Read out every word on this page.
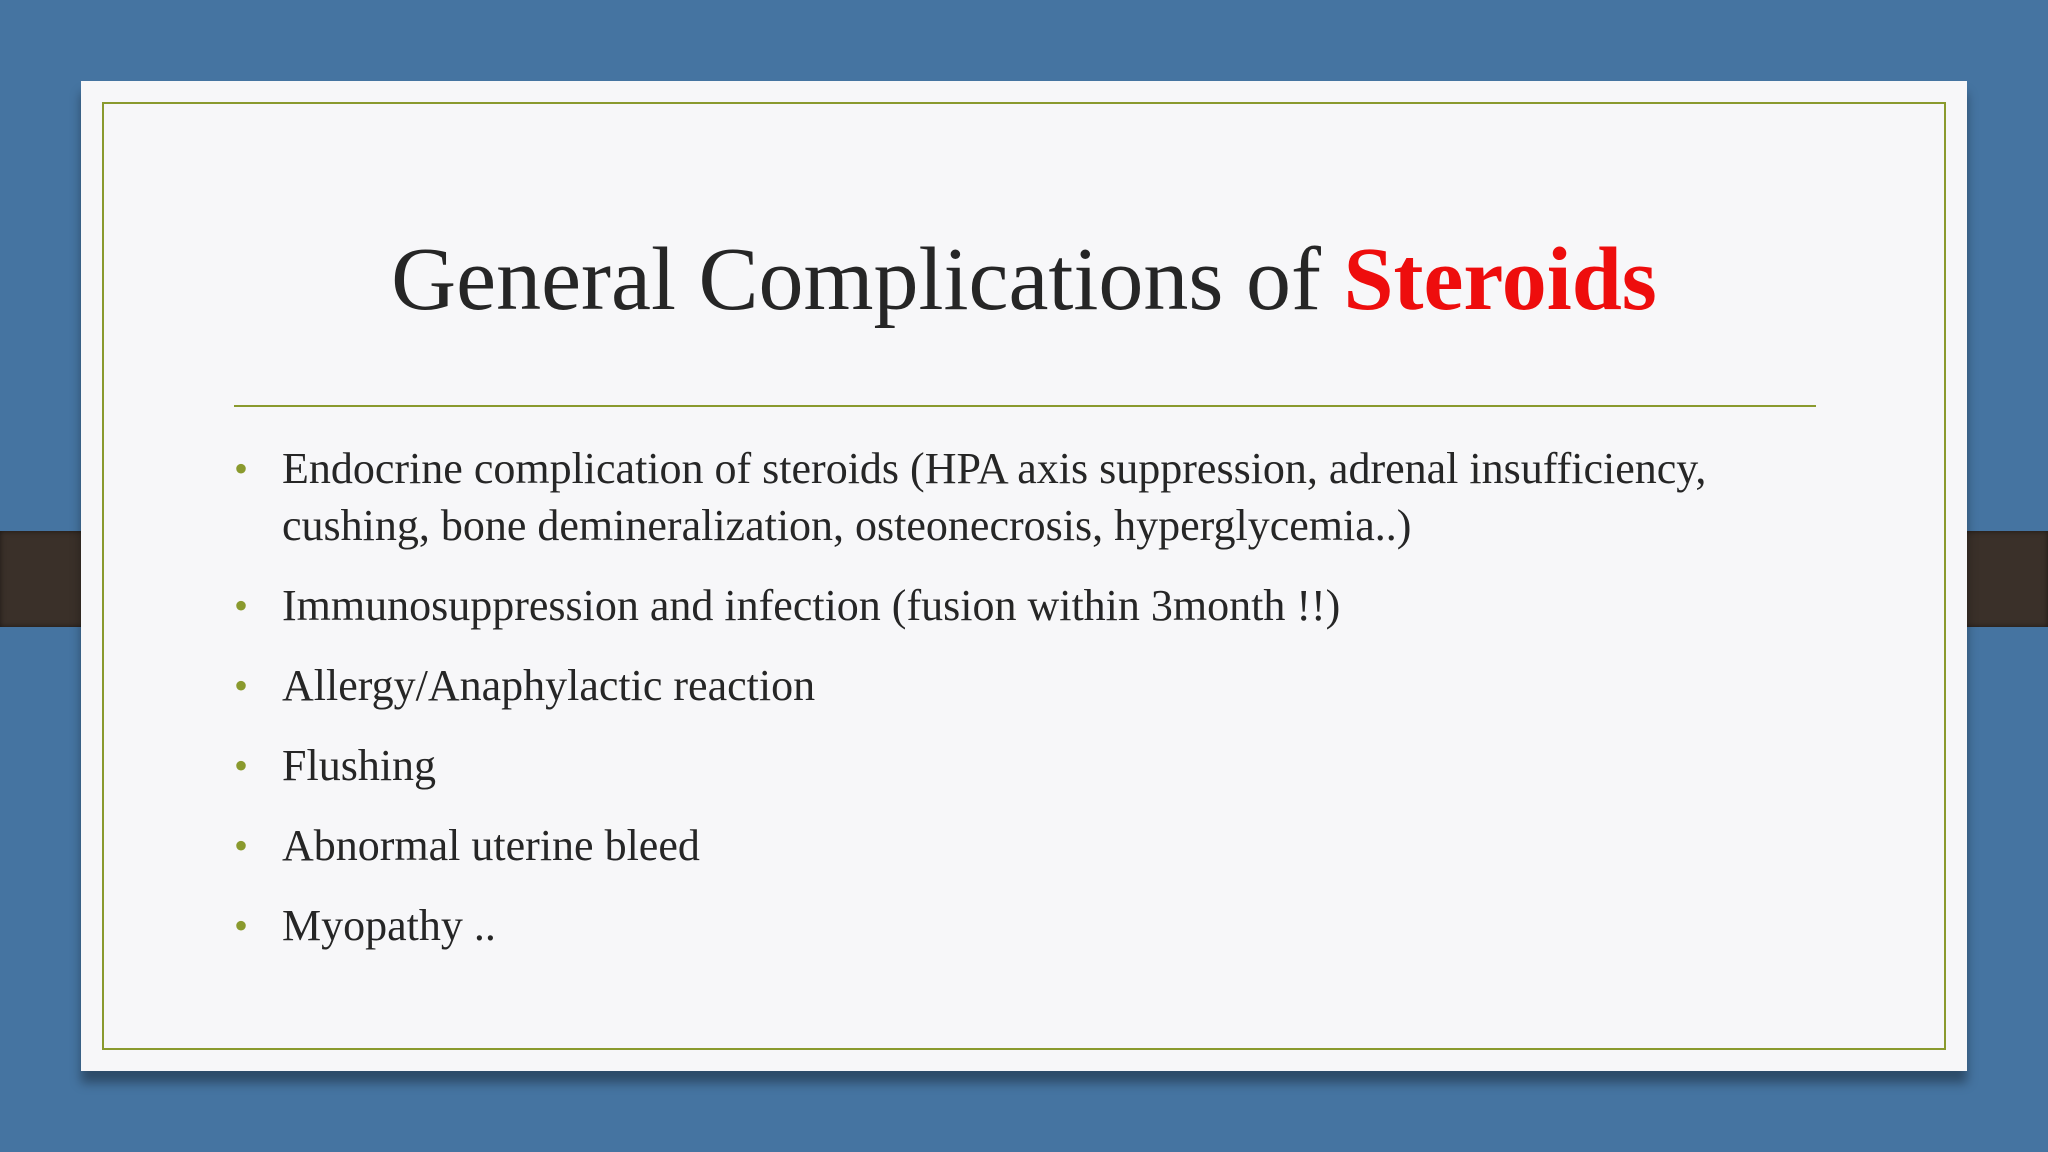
General Complications of Steroids
• Endocrine complication of steroids (HPA axis suppression, adrenal insufficiency, cushing, bone demineralization, osteonecrosis, hyperglycemia..)
• Immunosuppression and infection (fusion within 3month !!)
• Allergy/Anaphylactic reaction
• Flushing
• Abnormal uterine bleed
• Myopathy ..
